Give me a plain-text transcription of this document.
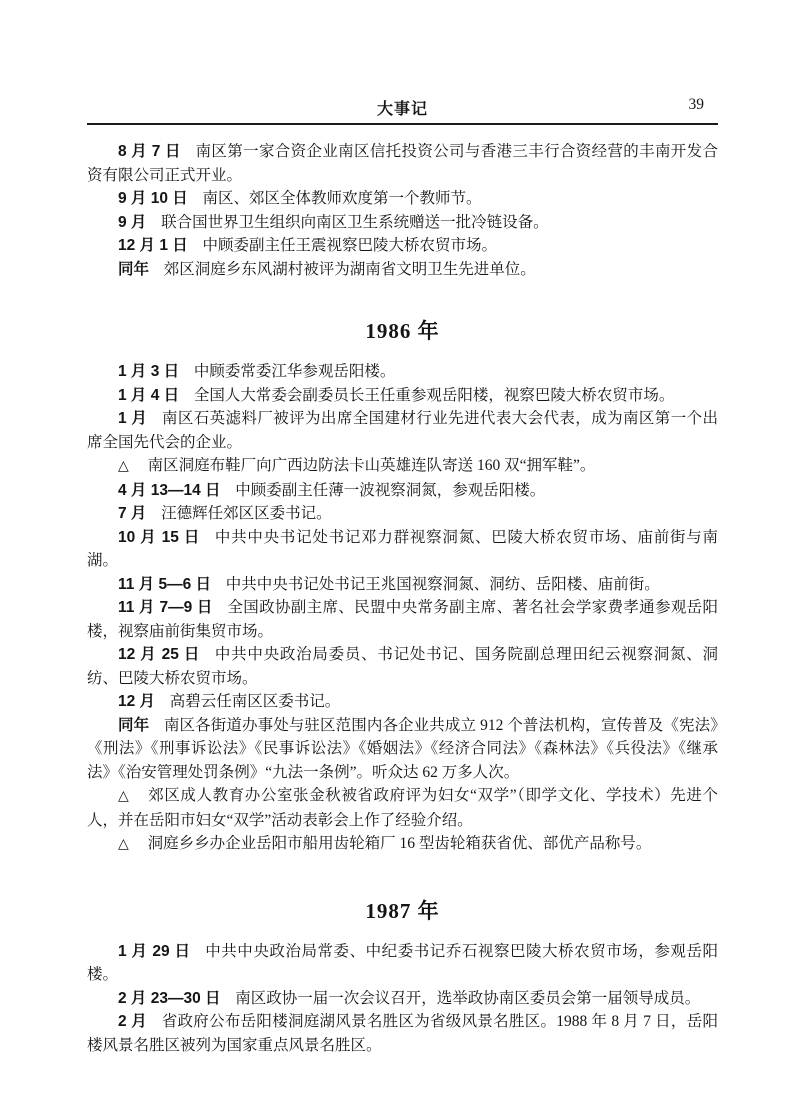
大事记	39

8 月 7 日 南区第一家合资企业南区信托投资公司与香港三丰行合资经营的丰南开发合资有限公司正式开业。

9 月 10 日 南区、郊区全体教师欢度第一个教师节。

9 月 联合国世界卫生组织向南区卫生系统赠送一批冷链设备。

12 月 1 日 中顾委副主任王震视察巴陵大桥农贸市场。

同年 郊区洞庭乡东风湖村被评为湖南省文明卫生先进单位。

1986 年

1 月 3 日 中顾委常委江华参观岳阳楼。

1 月 4 日 全国人大常委会副委员长王任重参观岳阳楼，视察巴陵大桥农贸市场。

1 月 南区石英滤料厂被评为出席全国建材行业先进代表大会代表，成为南区第一个出席全国先代会的企业。

△ 南区洞庭布鞋厂向广西边防法卡山英雄连队寄送 160 双“拥军鞋”。

4 月 13—14 日 中顾委副主任薄一波视察洞氮，参观岳阳楼。

7 月 汪德辉任郊区区委书记。

10 月 15 日 中共中央书记处书记邓力群视察洞氮、巴陵大桥农贸市场、庙前街与南湖。

11 月 5—6 日 中共中央书记处书记王兆国视察洞氮、洞纺、岳阳楼、庙前街。

11 月 7—9 日 全国政协副主席、民盟中央常务副主席、著名社会学家费孝通参观岳阳楼，视察庙前街集贸市场。

12 月 25 日 中共中央政治局委员、书记处书记、国务院副总理田纪云视察洞氮、洞纺、巴陵大桥农贸市场。

12 月 高碧云任南区区委书记。

同年 南区各街道办事处与驻区范围内各企业共成立 912 个普法机构，宣传普及《宪法》《刑法》《刑事诉讼法》《民事诉讼法》《婚姻法》《经济合同法》《森林法》《兵役法》《继承法》《治安管理处罚条例》“九法一条例”。听众达 62 万多人次。

△ 郊区成人教育办公室张金秋被省政府评为妇女“双学”（即学文化、学技术）先进个人，并在岳阳市妇女“双学”活动表彰会上作了经验介绍。

△ 洞庭乡乡办企业岳阳市船用齿轮箱厂 16 型齿轮箱获省优、部优产品称号。

1987 年

1 月 29 日 中共中央政治局常委、中纪委书记乔石视察巴陵大桥农贸市场，参观岳阳楼。

2 月 23—30 日 南区政协一届一次会议召开，选举政协南区委员会第一届领导成员。

2 月 省政府公布岳阳楼洞庭湖风景名胜区为省级风景名胜区。1988 年 8 月 7 日，岳阳楼风景名胜区被列为国家重点风景名胜区。
